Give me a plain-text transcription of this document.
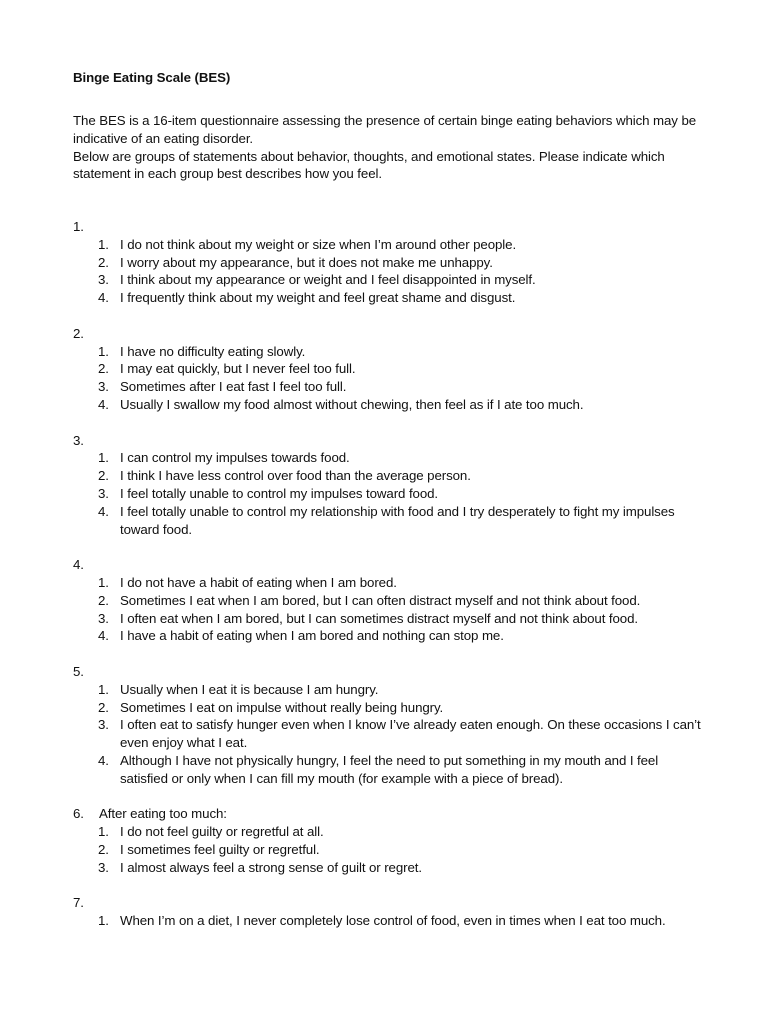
Binge Eating Scale (BES)

The BES is a 16-item questionnaire assessing the presence of certain binge eating behaviors which may be indicative of an eating disorder.

Below are groups of statements about behavior, thoughts, and emotional states. Please indicate which statement in each group best describes how you feel.

1.
1. I do not think about my weight or size when I’m around other people.
2. I worry about my appearance, but it does not make me unhappy.
3. I think about my appearance or weight and I feel disappointed in myself.
4. I frequently think about my weight and feel great shame and disgust.
2.
1. I have no difficulty eating slowly.
2. I may eat quickly, but I never feel too full.
3. Sometimes after I eat fast I feel too full.
4. Usually I swallow my food almost without chewing, then feel as if I ate too much.
3.
1. I can control my impulses towards food.
2. I think I have less control over food than the average person.
3. I feel totally unable to control my impulses toward food.
4. I feel totally unable to control my relationship with food and I try desperately to fight my impulses toward food.
4.
1. I do not have a habit of eating when I am bored.
2. Sometimes I eat when I am bored, but I can often distract myself and not think about food.
3. I often eat when I am bored, but I can sometimes distract myself and not think about food.
4. I have a habit of eating when I am bored and nothing can stop me.
5.
1. Usually when I eat it is because I am hungry.
2. Sometimes I eat on impulse without really being hungry.
3. I often eat to satisfy hunger even when I know I’ve already eaten enough. On these occasions I can’t even enjoy what I eat.
4. Although I have not physically hungry, I feel the need to put something in my mouth and I feel satisfied or only when I can fill my mouth (for example with a piece of bread).
6.	After eating too much:
1. I do not feel guilty or regretful at all.
2. I sometimes feel guilty or regretful.
3. I almost always feel a strong sense of guilt or regret.
7.
1. When I’m on a diet, I never completely lose control of food, even in times when I eat too much.
